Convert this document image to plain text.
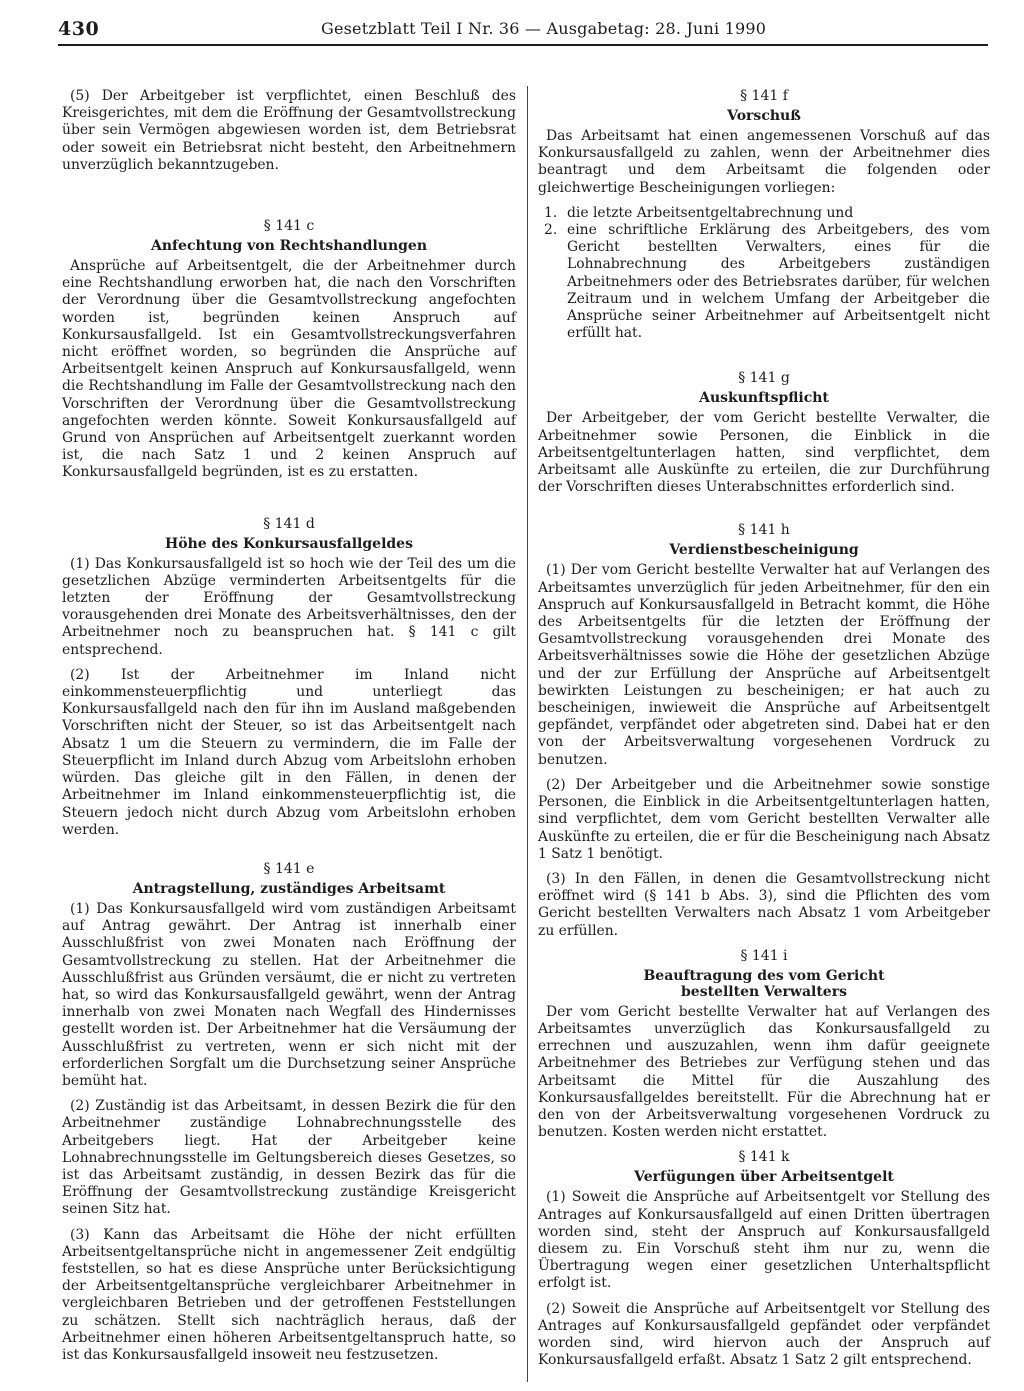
430	Gesetzblatt Teil I Nr. 36 — Ausgabetag: 28. Juni 1990

(5) Der Arbeitgeber ist verpflichtet, einen Beschluß des Kreisgerichtes, mit dem die Eröffnung der Gesamtvollstreckung über sein Vermögen abgewiesen worden ist, dem Betriebsrat oder soweit ein Betriebsrat nicht besteht, den Arbeitnehmern unverzüglich bekanntzugeben.

§ 141 c
Anfechtung von Rechtshandlungen

Ansprüche auf Arbeitsentgelt, die der Arbeitnehmer durch eine Rechtshandlung erworben hat, die nach den Vorschriften der Verordnung über die Gesamtvollstreckung angefochten worden ist, begründen keinen Anspruch auf Konkursausfallgeld. Ist ein Gesamtvollstreckungsverfahren nicht eröffnet worden, so begründen die Ansprüche auf Arbeitsentgelt keinen Anspruch auf Konkursausfallgeld, wenn die Rechtshandlung im Falle der Gesamtvollstreckung nach den Vorschriften der Verordnung über die Gesamtvollstreckung angefochten werden könnte. Soweit Konkursausfallgeld auf Grund von Ansprüchen auf Arbeitsentgelt zuerkannt worden ist, die nach Satz 1 und 2 keinen Anspruch auf Konkursausfallgeld begründen, ist es zu erstatten.

§ 141 d
Höhe des Konkursausfallgeldes

(1) Das Konkursausfallgeld ist so hoch wie der Teil des um die gesetzlichen Abzüge verminderten Arbeitsentgelts für die letzten der Eröffnung der Gesamtvollstreckung vorausgehenden drei Monate des Arbeitsverhältnisses, den der Arbeitnehmer noch zu beanspruchen hat. § 141 c gilt entsprechend.

(2) Ist der Arbeitnehmer im Inland nicht einkommensteuerpflichtig und unterliegt das Konkursausfallgeld nach den für ihn im Ausland maßgebenden Vorschriften nicht der Steuer, so ist das Arbeitsentgelt nach Absatz 1 um die Steuern zu vermindern, die im Falle der Steuerpflicht im Inland durch Abzug vom Arbeitslohn erhoben würden. Das gleiche gilt in den Fällen, in denen der Arbeitnehmer im Inland einkommensteuerpflichtig ist, die Steuern jedoch nicht durch Abzug vom Arbeitslohn erhoben werden.

§ 141 e
Antragstellung, zuständiges Arbeitsamt

(1) Das Konkursausfallgeld wird vom zuständigen Arbeitsamt auf Antrag gewährt. Der Antrag ist innerhalb einer Ausschlußfrist von zwei Monaten nach Eröffnung der Gesamtvollstreckung zu stellen. Hat der Arbeitnehmer die Ausschlußfrist aus Gründen versäumt, die er nicht zu vertreten hat, so wird das Konkursausfallgeld gewährt, wenn der Antrag innerhalb von zwei Monaten nach Wegfall des Hindernisses gestellt worden ist. Der Arbeitnehmer hat die Versäumung der Ausschlußfrist zu vertreten, wenn er sich nicht mit der erforderlichen Sorgfalt um die Durchsetzung seiner Ansprüche bemüht hat.

(2) Zuständig ist das Arbeitsamt, in dessen Bezirk die für den Arbeitnehmer zuständige Lohnabrechnungsstelle des Arbeitgebers liegt. Hat der Arbeitgeber keine Lohnabrechnungsstelle im Geltungsbereich dieses Gesetzes, so ist das Arbeitsamt zuständig, in dessen Bezirk das für die Eröffnung der Gesamtvollstreckung zuständige Kreisgericht seinen Sitz hat.

(3) Kann das Arbeitsamt die Höhe der nicht erfüllten Arbeitsentgeltansprüche nicht in angemessener Zeit endgültig feststellen, so hat es diese Ansprüche unter Berücksichtigung der Arbeitsentgeltansprüche vergleichbarer Arbeitnehmer in vergleichbaren Betrieben und der getroffenen Feststellungen zu schätzen. Stellt sich nachträglich heraus, daß der Arbeitnehmer einen höheren Arbeitsentgeltanspruch hatte, so ist das Konkursausfallgeld insoweit neu festzusetzen.

§ 141 f
Vorschuß

Das Arbeitsamt hat einen angemessenen Vorschuß auf das Konkursausfallgeld zu zahlen, wenn der Arbeitnehmer dies beantragt und dem Arbeitsamt die folgenden oder gleichwertige Bescheinigungen vorliegen:

1. die letzte Arbeitsentgeltabrechnung und
2. eine schriftliche Erklärung des Arbeitgebers, des vom Gericht bestellten Verwalters, eines für die Lohnabrechnung des Arbeitgebers zuständigen Arbeitnehmers oder des Betriebsrates darüber, für welchen Zeitraum und in welchem Umfang der Arbeitgeber die Ansprüche seiner Arbeitnehmer auf Arbeitsentgelt nicht erfüllt hat.
§ 141 g
Auskunftspflicht

Der Arbeitgeber, der vom Gericht bestellte Verwalter, die Arbeitnehmer sowie Personen, die Einblick in die Arbeitsentgeltunterlagen hatten, sind verpflichtet, dem Arbeitsamt alle Auskünfte zu erteilen, die zur Durchführung der Vorschriften dieses Unterabschnittes erforderlich sind.

§ 141 h
Verdienstbescheinigung

(1) Der vom Gericht bestellte Verwalter hat auf Verlangen des Arbeitsamtes unverzüglich für jeden Arbeitnehmer, für den ein Anspruch auf Konkursausfallgeld in Betracht kommt, die Höhe des Arbeitsentgelts für die letzten der Eröffnung der Gesamtvollstreckung vorausgehenden drei Monate des Arbeitsverhältnisses sowie die Höhe der gesetzlichen Abzüge und der zur Erfüllung der Ansprüche auf Arbeitsentgelt bewirkten Leistungen zu bescheinigen; er hat auch zu bescheinigen, inwieweit die Ansprüche auf Arbeitsentgelt gepfändet, verpfändet oder abgetreten sind. Dabei hat er den von der Arbeitsverwaltung vorgesehenen Vordruck zu benutzen.

(2) Der Arbeitgeber und die Arbeitnehmer sowie sonstige Personen, die Einblick in die Arbeitsentgeltunterlagen hatten, sind verpflichtet, dem vom Gericht bestellten Verwalter alle Auskünfte zu erteilen, die er für die Bescheinigung nach Absatz 1 Satz 1 benötigt.

(3) In den Fällen, in denen die Gesamtvollstreckung nicht eröffnet wird (§ 141 b Abs. 3), sind die Pflichten des vom Gericht bestellten Verwalters nach Absatz 1 vom Arbeitgeber zu erfüllen.

§ 141 i
Beauftragung des vom Gericht
bestellten Verwalters

Der vom Gericht bestellte Verwalter hat auf Verlangen des Arbeitsamtes unverzüglich das Konkursausfallgeld zu errechnen und auszuzahlen, wenn ihm dafür geeignete Arbeitnehmer des Betriebes zur Verfügung stehen und das Arbeitsamt die Mittel für die Auszahlung des Konkursausfallgeldes bereitstellt. Für die Abrechnung hat er den von der Arbeitsverwaltung vorgesehenen Vordruck zu benutzen. Kosten werden nicht erstattet.

§ 141 k
Verfügungen über Arbeitsentgelt

(1) Soweit die Ansprüche auf Arbeitsentgelt vor Stellung des Antrages auf Konkursausfallgeld auf einen Dritten übertragen worden sind, steht der Anspruch auf Konkursausfallgeld diesem zu. Ein Vorschuß steht ihm nur zu, wenn die Übertragung wegen einer gesetzlichen Unterhaltspflicht erfolgt ist.

(2) Soweit die Ansprüche auf Arbeitsentgelt vor Stellung des Antrages auf Konkursausfallgeld gepfändet oder verpfändet worden sind, wird hiervon auch der Anspruch auf Konkursausfallgeld erfaßt. Absatz 1 Satz 2 gilt entsprechend.
